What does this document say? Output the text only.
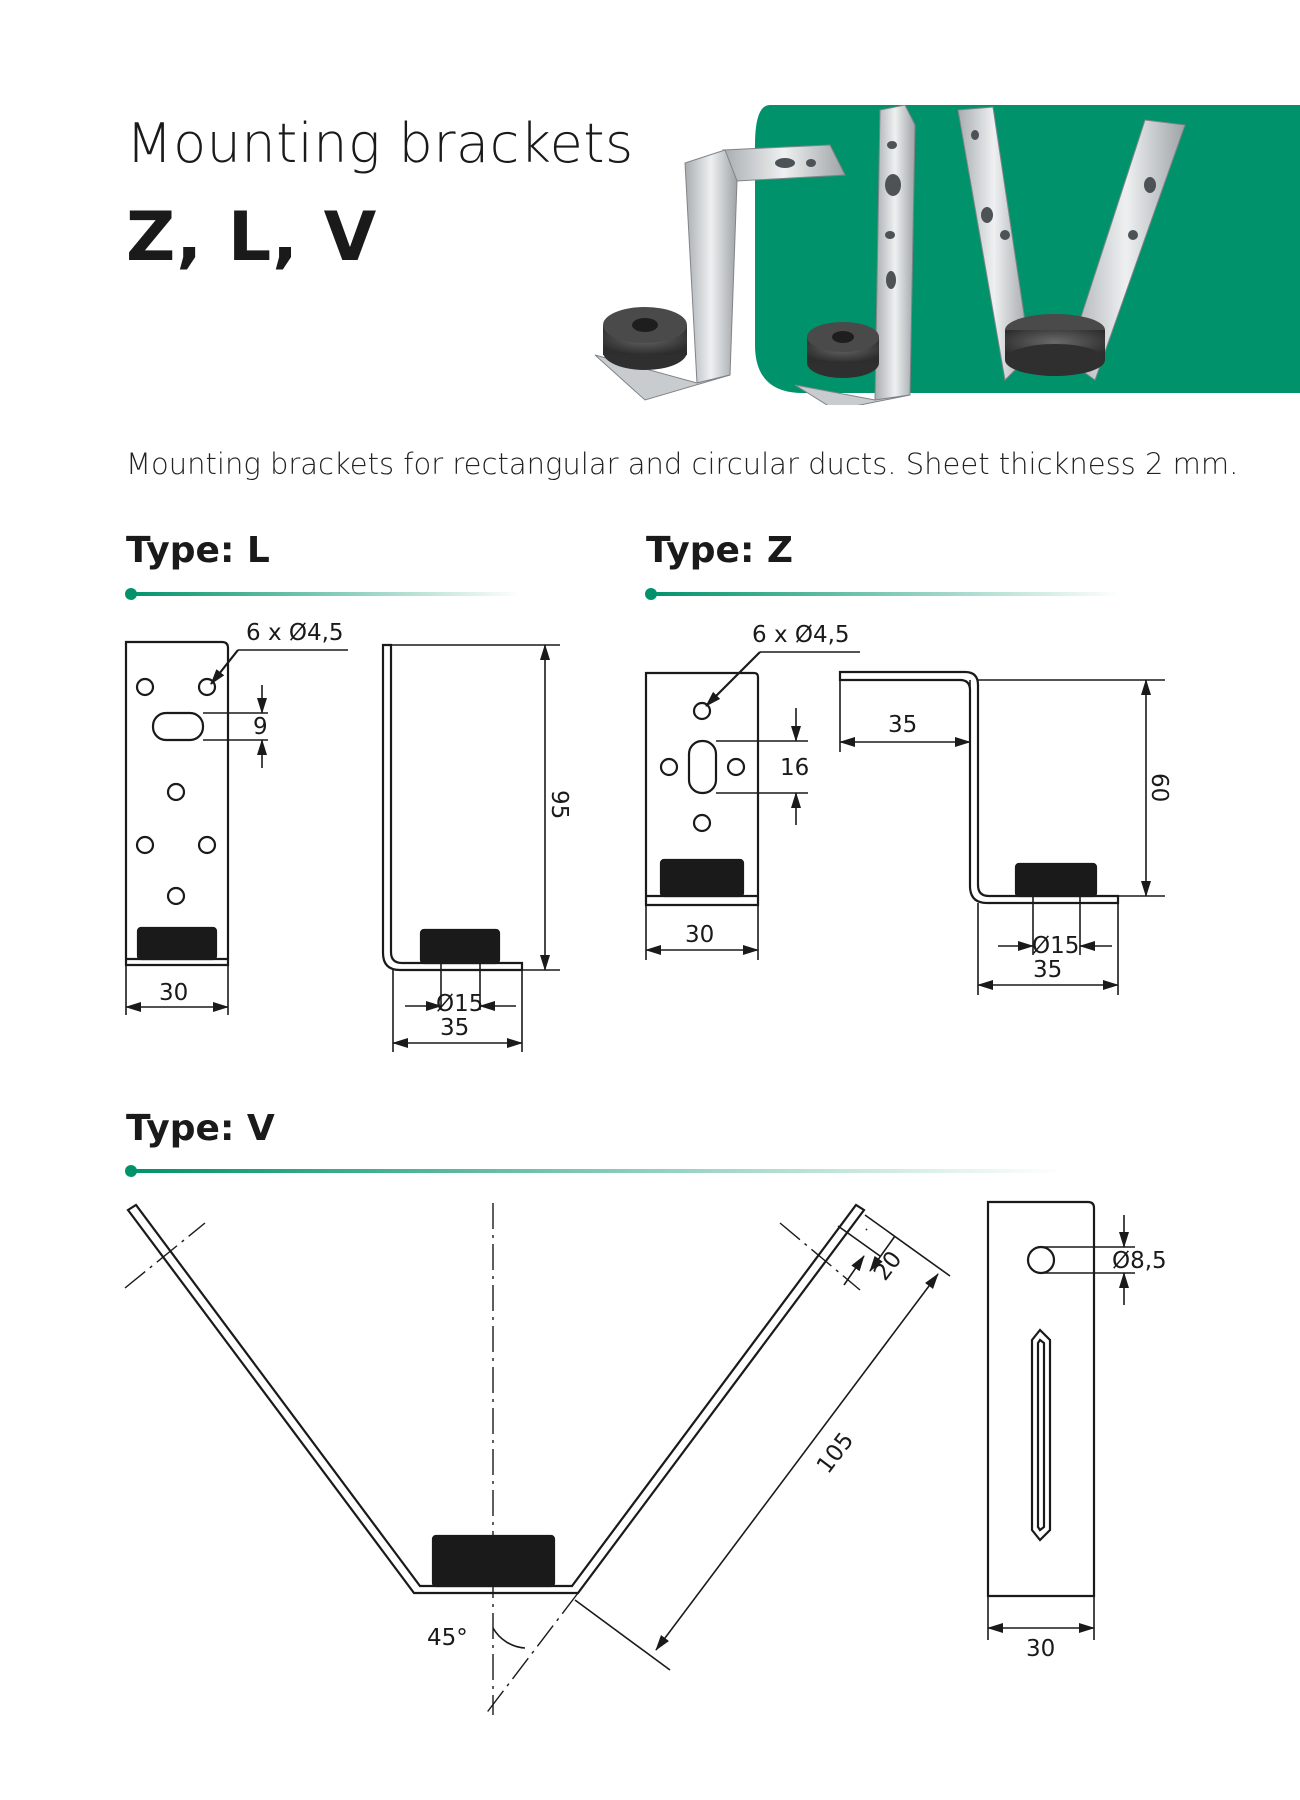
Mounting brackets
Z, L, V
Mounting brackets for rectangular and circular ducts. Sheet thickness 2 mm.
Type: L
6 x Ø4,5
9
30
95
Ø15
35
6 x Ø4,5
16
30
35
60
Ø15
35
105
20
45°
Ø8,5
30
Type: Z
Type: V
